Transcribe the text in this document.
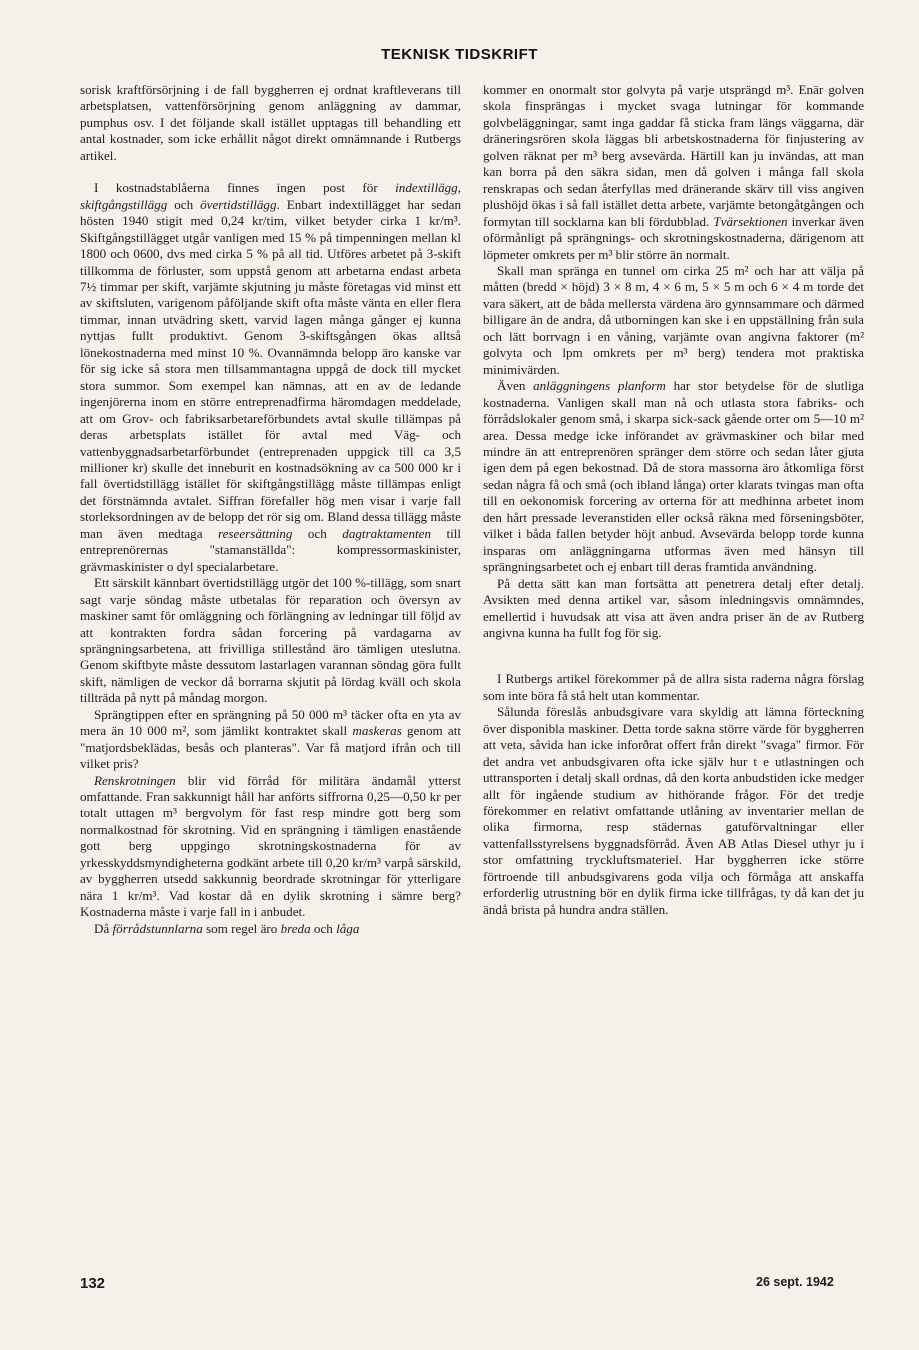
TEKNISK TIDSKRIFT

sorisk kraftförsörjning i de fall byggherren ej ordnat kraftleverans till arbetsplatsen, vattenförsörjning genom anläggning av dammar, pumphus osv. I det följande skall istället upptagas till behandling ett antal kostnader, som icke erhållit något direkt omnämnande i Rutbergs artikel.

I kostnadstablåerna finnes ingen post för indextillägg, skiftgångstillägg och övertidstillägg. Enbart indextillägget har sedan hösten 1940 stigit med 0,24 kr/tim, vilket betyder cirka 1 kr/m³. Skiftgångstillägget utgår vanligen med 15 % på timpenningen mellan kl 1800 och 0600, dvs med cirka 5 % på all tid. Utföres arbetet på 3-skift tillkomma de förluster, som uppstå genom att arbetarna endast arbeta 7½ timmar per skift, varjämte skjutning ju måste företagas vid minst ett av skiftsluten, varigenom påföljande skift ofta måste vänta en eller flera timmar, innan utvädring skett, varvid lagen många gånger ej kunna nyttjas fullt produktivt. Genom 3-skiftsgången ökas alltså lönekostnaderna med minst 10 %. Ovannämnda belopp äro kanske var för sig icke så stora men tillsammantagna uppgå de dock till mycket stora summor. Som exempel kan nämnas, att en av de ledande ingenjörerna inom en större entreprenadfirma häromdagen meddelade, att om Grov- och fabriksarbetareförbundets avtal skulle tillämpas på deras arbetsplats istället för avtal med Väg- och vattenbyggnadsarbetarförbundet (entreprenaden uppgick till ca 3,5 millioner kr) skulle det inneburit en kostnadsökning av ca 500 000 kr i fall övertidstillägg istället för skiftgångstillägg måste tillämpas enligt det förstnämnda avtalet. Siffran förefaller hög men visar i varje fall storleksordningen av de belopp det rör sig om. Bland dessa tillägg måste man även medtaga reseersättning och dagtraktamenten till entreprenörernas "stamanställda": kompressormaskinister, grävmaskinister o dyl specialarbetare.

Ett särskilt kännbart övertidstillägg utgör det 100 %-tillägg, som snart sagt varje söndag måste utbetalas för reparation och översyn av maskiner samt för omläggning och förlängning av ledningar till följd av att kontrakten fordra sådan forcering på vardagarna av sprängningsarbetena, att frivilliga stillestånd äro tämligen uteslutna. Genom skiftbyte måste dessutom lastarlagen varannan söndag göra fullt skift, nämligen de veckor då borrarna skjutit på lördag kväll och skola tillträda på nytt på måndag morgon.

Sprängtippen efter en sprängning på 50 000 m³ täcker ofta en yta av mera än 10 000 m², som jämlikt kontraktet skall maskeras genom att "matjordsbeklädas, besås och planteras". Var få matjord ifrån och till vilket pris?

Renskrotningen blir vid förråd för militära ändamål ytterst omfattande. Fran sakkunnigt håll har anförts siffrorna 0,25—0,50 kr per totalt uttagen m³ bergvolym för fast resp mindre gott berg som normalkostnad för skrotning. Vid en sprängning i tämligen enastående gott berg uppgingo skrotningskostnaderna för av yrkesskyddsmyndigheterna godkänt arbete till 0,20 kr/m³ varpå särskild, av byggherren utsedd sakkunnig beordrade skrotningar för ytterligare nära 1 kr/m³. Vad kostar då en dylik skrotning i sämre berg? Kostnaderna måste i varje fall in i anbudet.

Då förrådstunnlarna som regel äro breda och låga

kommer en onormalt stor golvyta på varje utsprängd m³. Enär golven skola finsprängas i mycket svaga lutningar för kommande golvbeläggningar, samt inga gaddar få sticka fram längs väggarna, där dräneringsrören skola läggas bli arbetskostnaderna för finjustering av golven räknat per m³ berg avsevärda. Härtill kan ju invändas, att man kan borra på den säkra sidan, men då golven i många fall skola renskrapas och sedan återfyllas med dränerande skärv till viss angiven plushöjd ökas i så fall istället detta arbete, varjämte betongåtgången och formytan till socklarna kan bli fördubblad. Tvärsektionen inverkar även oförmånligt på sprängnings- och skrotningskostnaderna, därigenom att löpmeter omkrets per m³ blir större än normalt.

Skall man spränga en tunnel om cirka 25 m² och har att välja på måtten (bredd × höjd) 3 × 8 m, 4 × 6 m, 5 × 5 m och 6 × 4 m torde det vara säkert, att de båda mellersta värdena äro gynnsammare och därmed billigare än de andra, då utborningen kan ske i en uppställning från sula och lätt borrvagn i en våning, varjämte ovan angivna faktorer (m² golvyta och lpm omkrets per m³ berg) tendera mot praktiska minimivärden.

Även anläggningens planform har stor betydelse för de slutliga kostnaderna. Vanligen skall man nå och utlasta stora fabriks- och förrådslokaler genom små, i skarpa sick-sack gående orter om 5—10 m² area. Dessa medge icke införandet av grävmaskiner och bilar med mindre än att entreprenören spränger dem större och sedan låter gjuta igen dem på egen bekostnad. Då de stora massorna äro åtkomliga först sedan några få och små (och ibland långa) orter klarats tvingas man ofta till en oekonomisk forcering av orterna för att medhinna arbetet inom den hårt pressade leveranstiden eller också räkna med förseningsböter, vilket i båda fallen betyder höjt anbud. Avsevärda belopp torde kunna insparas om anläggningarna utformas även med hänsyn till sprängningsarbetet och ej enbart till deras framtida användning.

På detta sätt kan man fortsätta att penetrera detalj efter detalj. Avsikten med denna artikel var, såsom inledningsvis omnämndes, emellertid i huvudsak att visa att även andra priser än de av Rutberg angivna kunna ha fullt fog för sig.

I Rutbergs artikel förekommer på de allra sista raderna några förslag som inte böra få stå helt utan kommentar.

Sålunda föreslås anbudsgivare vara skyldig att lämna förteckning över disponibla maskiner. Detta torde sakna större värde för byggherren att veta, såvida han icke inforðrat offert från direkt "svaga" firmor. För det andra vet anbudsgivaren ofta icke själv hur t e utlastningen och uttransporten i detalj skall ordnas, då den korta anbudstiden icke medger allt för ingående studium av hithörande frågor. För det tredje förekommer en relativt omfattande utlåning av inventarier mellan de olika firmorna, resp städernas gatuförvaltningar eller vattenfallsstyrelsens byggnadsförråd. Även AB Atlas Diesel uthyr ju i stor omfattning tryckluftsmateriel. Har byggherren icke större förtroende till anbudsgivarens goda vilja och förmåga att anskaffa erforderlig utrustning bör en dylik firma icke tillfrågas, ty då kan det ju ändå brista på hundra andra ställen.

132	26 sept. 1942
